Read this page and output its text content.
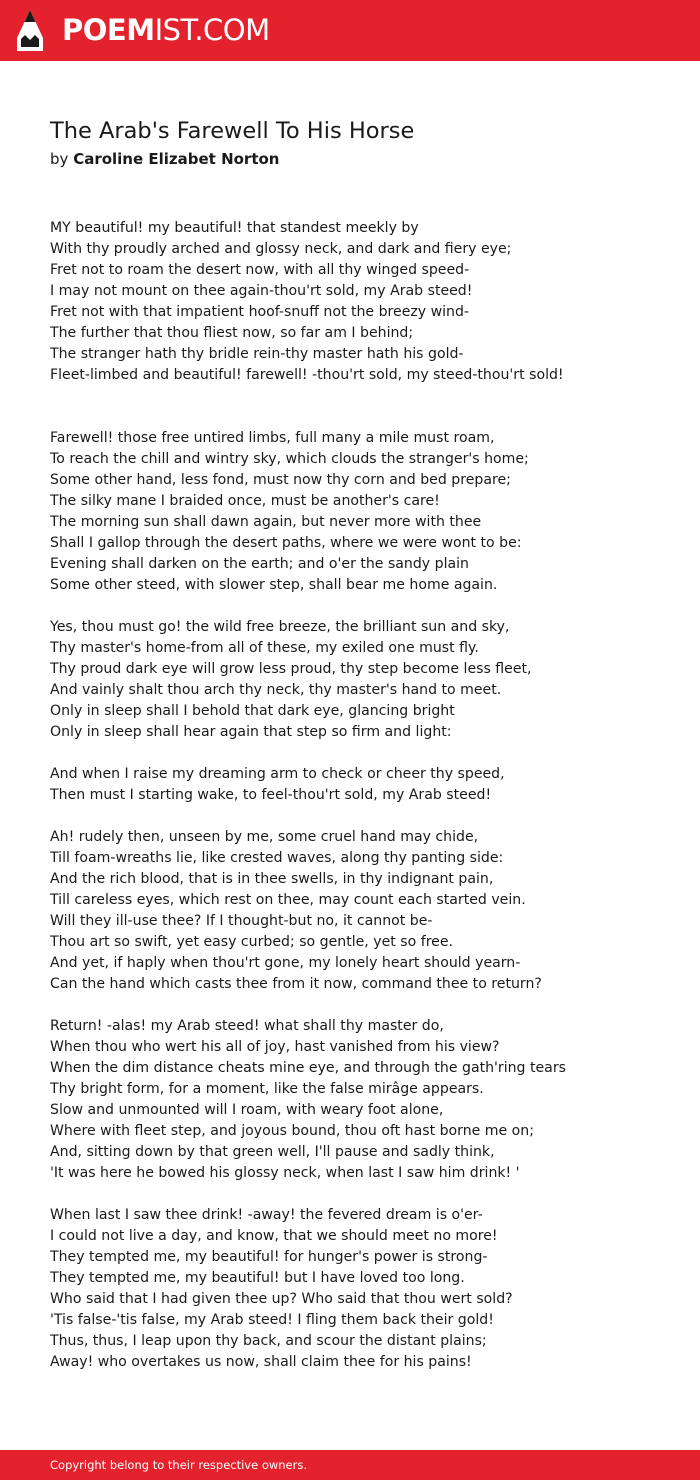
POEMIST.COM
The Arab's Farewell To His Horse
by Caroline Elizabet Norton
MY beautiful! my beautiful! that standest meekly by
With thy proudly arched and glossy neck, and dark and fiery eye;
Fret not to roam the desert now, with all thy winged speed-
I may not mount on thee again-thou'rt sold, my Arab steed!
Fret not with that impatient hoof-snuff not the breezy wind-
The further that thou fliest now, so far am I behind;
The stranger hath thy bridle rein-thy master hath his gold-
Fleet-limbed and beautiful! farewell! -thou'rt sold, my steed-thou'rt sold!
Farewell! those free untired limbs, full many a mile must roam,
To reach the chill and wintry sky, which clouds the stranger's home;
Some other hand, less fond, must now thy corn and bed prepare;
The silky mane I braided once, must be another's care!
The morning sun shall dawn again, but never more with thee
Shall I gallop through the desert paths, where we were wont to be:
Evening shall darken on the earth; and o'er the sandy plain
Some other steed, with slower step, shall bear me home again.
Yes, thou must go! the wild free breeze, the brilliant sun and sky,
Thy master's home-from all of these, my exiled one must fly.
Thy proud dark eye will grow less proud, thy step become less fleet,
And vainly shalt thou arch thy neck, thy master's hand to meet.
Only in sleep shall I behold that dark eye, glancing bright
Only in sleep shall hear again that step so firm and light:
And when I raise my dreaming arm to check or cheer thy speed,
Then must I starting wake, to feel-thou'rt sold, my Arab steed!
Ah! rudely then, unseen by me, some cruel hand may chide,
Till foam-wreaths lie, like crested waves, along thy panting side:
And the rich blood, that is in thee swells, in thy indignant pain,
Till careless eyes, which rest on thee, may count each started vein.
Will they ill-use thee? If I thought-but no, it cannot be-
Thou art so swift, yet easy curbed; so gentle, yet so free.
And yet, if haply when thou'rt gone, my lonely heart should yearn-
Can the hand which casts thee from it now, command thee to return?
Return! -alas! my Arab steed! what shall thy master do,
When thou who wert his all of joy, hast vanished from his view?
When the dim distance cheats mine eye, and through the gath'ring tears
Thy bright form, for a moment, like the false mirâge appears.
Slow and unmounted will I roam, with weary foot alone,
Where with fleet step, and joyous bound, thou oft hast borne me on;
And, sitting down by that green well, I'll pause and sadly think,
'It was here he bowed his glossy neck, when last I saw him drink! '
When last I saw thee drink! -away! the fevered dream is o'er-
I could not live a day, and know, that we should meet no more!
They tempted me, my beautiful! for hunger's power is strong-
They tempted me, my beautiful! but I have loved too long.
Who said that I had given thee up? Who said that thou wert sold?
'Tis false-'tis false, my Arab steed! I fling them back their gold!
Thus, thus, I leap upon thy back, and scour the distant plains;
Away! who overtakes us now, shall claim thee for his pains!
Copyright belong to their respective owners.
